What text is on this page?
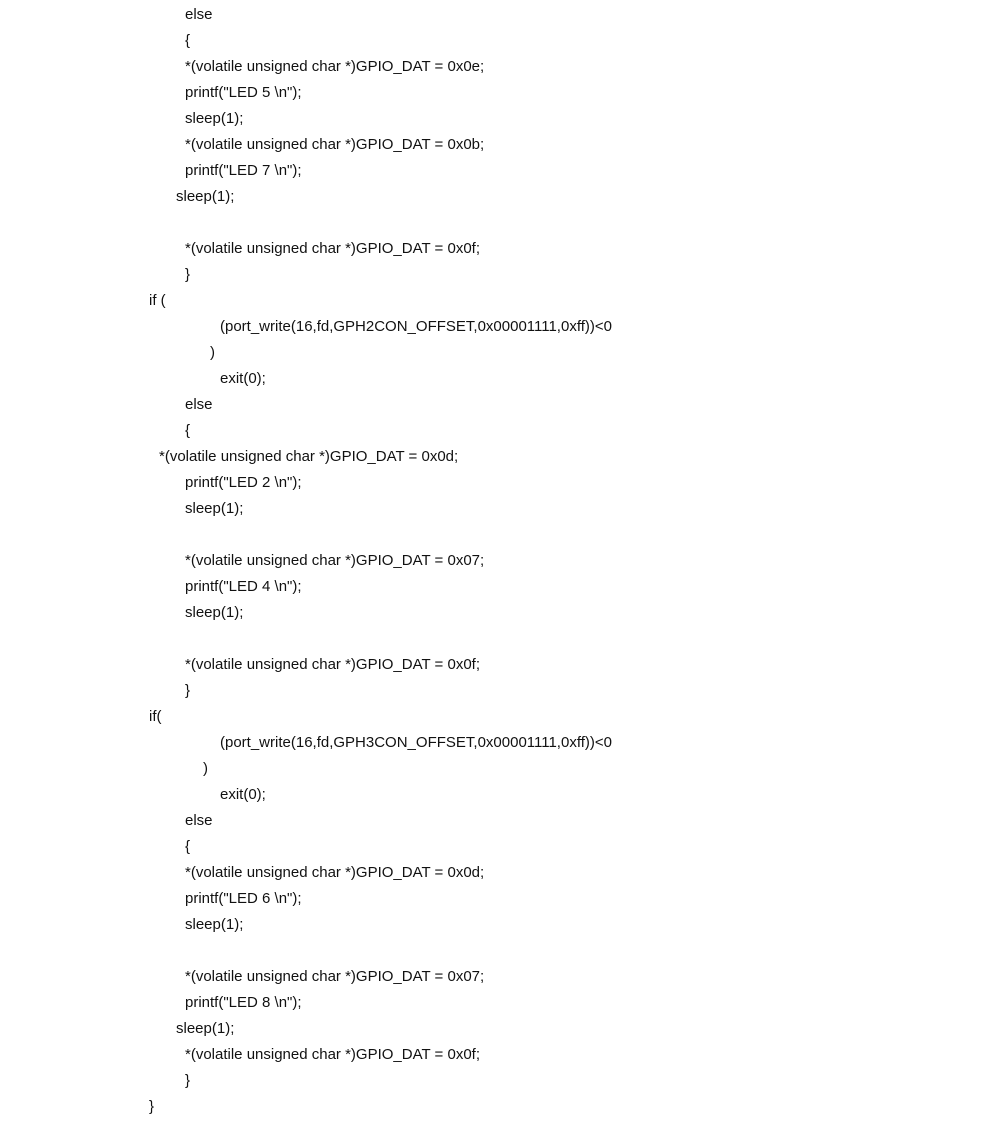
else
{
*(volatile unsigned char *)GPIO_DAT = 0x0e;
printf("LED 5 \n");
sleep(1);
*(volatile unsigned char *)GPIO_DAT = 0x0b;
printf("LED 7 \n");
sleep(1);
*(volatile unsigned char *)GPIO_DAT = 0x0f;
}
if (
(port_write(16,fd,GPH2CON_OFFSET,0x00001111,0xff))<0
)
exit(0);
else
{
*(volatile unsigned char *)GPIO_DAT = 0x0d;
printf("LED 2 \n");
sleep(1);
*(volatile unsigned char *)GPIO_DAT = 0x07;
printf("LED 4 \n");
sleep(1);
*(volatile unsigned char *)GPIO_DAT = 0x0f;
}
if(
(port_write(16,fd,GPH3CON_OFFSET,0x00001111,0xff))<0
)
exit(0);
else
{
*(volatile unsigned char *)GPIO_DAT = 0x0d;
printf("LED 6 \n");
sleep(1);
*(volatile unsigned char *)GPIO_DAT = 0x07;
printf("LED 8 \n");
sleep(1);
*(volatile unsigned char *)GPIO_DAT = 0x0f;
}
}
